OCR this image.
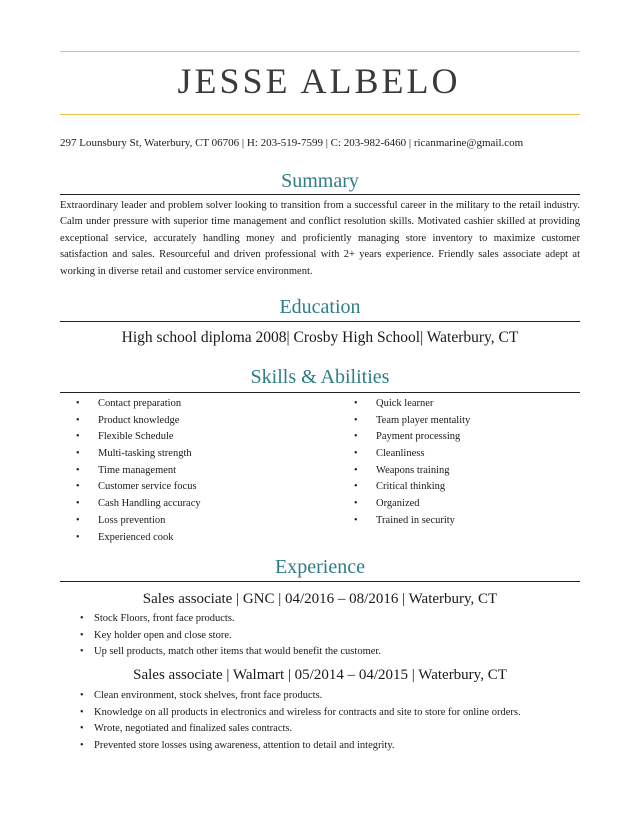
JESSE ALBELO
297 Lounsbury St, Waterbury, CT 06706 | H: 203-519-7599 | C: 203-982-6460 | ricanmarine@gmail.com
Summary

Extraordinary leader and problem solver looking to transition from a successful career in the military to the retail industry. Calm under pressure with superior time management and conflict resolution skills. Motivated cashier skilled at providing exceptional service, accurately handling money and proficiently managing store inventory to maximize customer satisfaction and sales. Resourceful and driven professional with 2+ years experience. Friendly sales associate adept at working in diverse retail and customer service environment.

Education
High school diploma 2008| Crosby High School| Waterbury, CT
Skills & Abilities
• Contact preparation
• Product knowledge
• Flexible Schedule
• Multi-tasking strength
• Time management
• Customer service focus
• Cash Handling accuracy
• Loss prevention
• Experienced cook
• Quick learner
• Team player mentality
• Payment processing
• Cleanliness
• Weapons training
• Critical thinking
• Organized
• Trained in security
Experience
Sales associate | GNC | 04/2016 – 08/2016 | Waterbury, CT
• Stock Floors, front face products.
• Key holder open and close store.
• Up sell products, match other items that would benefit the customer.
Sales associate | Walmart | 05/2014 – 04/2015 | Waterbury, CT
• Clean environment, stock shelves, front face products.
• Knowledge on all products in electronics and wireless for contracts and site to store for online orders.
• Wrote, negotiated and finalized sales contracts.
• Prevented store losses using awareness, attention to detail and integrity.
